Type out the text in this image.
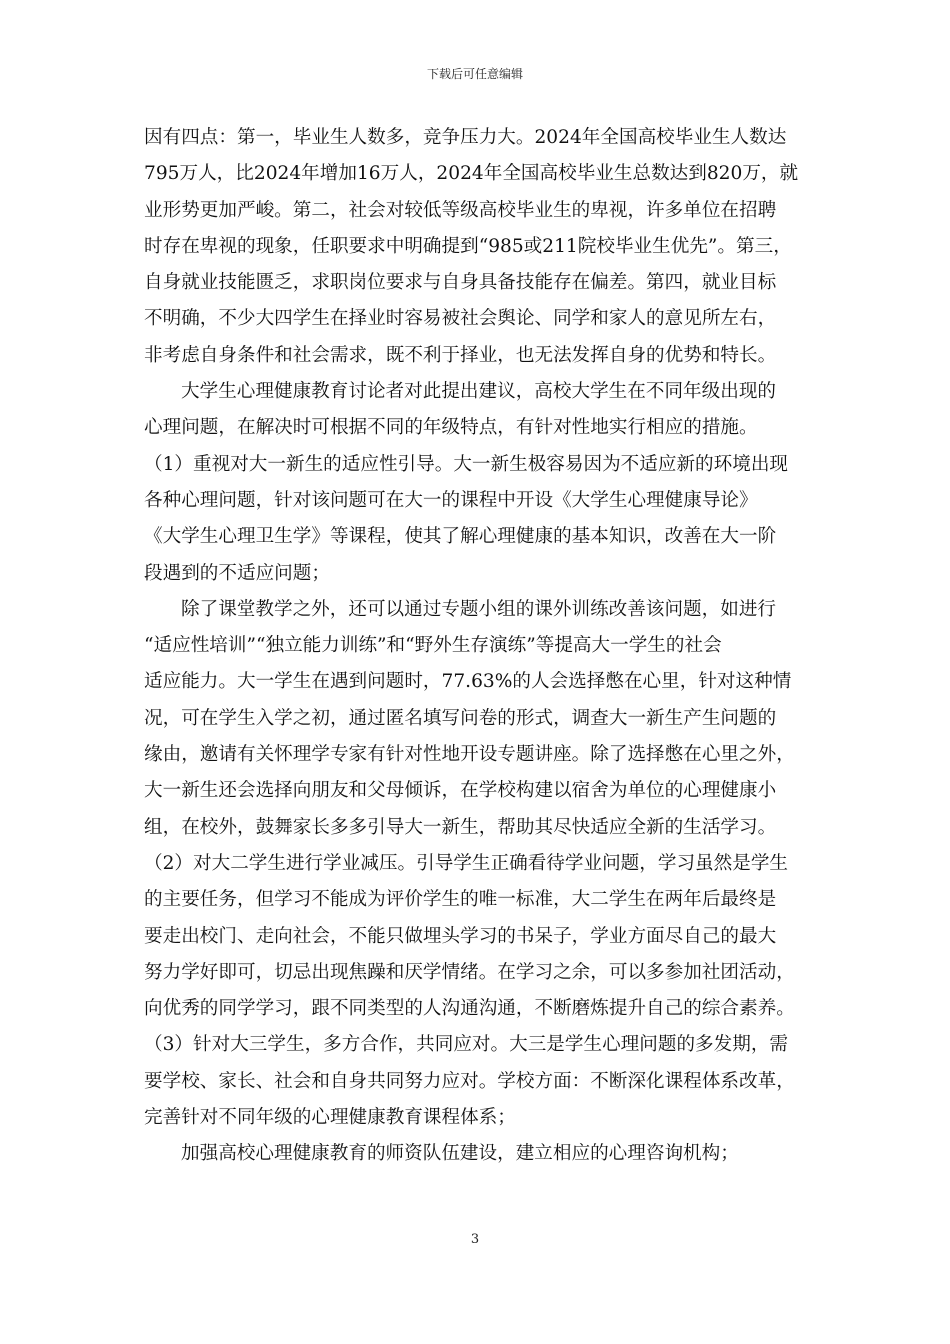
下载后可任意编辑
因有四点：第一，毕业生人数多，竞争压力大。2024年全国高校毕业生人数达
795万人，比2024年增加16万人，2024年全国高校毕业生总数达到820万，就
业形势更加严峻。第二，社会对较低等级高校毕业生的卑视，许多单位在招聘
时存在卑视的现象，任职要求中明确提到“985或211院校毕业生优先”。第三，
自身就业技能匮乏，求职岗位要求与自身具备技能存在偏差。第四，就业目标
不明确，不少大四学生在择业时容易被社会舆论、同学和家人的意见所左右，
非考虑自身条件和社会需求，既不利于择业，也无法发挥自身的优势和特长。
大学生心理健康教育讨论者对此提出建议，高校大学生在不同年级出现的
心理问题，在解决时可根据不同的年级特点，有针对性地实行相应的措施。
（1）重视对大一新生的适应性引导。大一新生极容易因为不适应新的环境出现
各种心理问题，针对该问题可在大一的课程中开设《大学生心理健康导论》
《大学生心理卫生学》等课程，使其了解心理健康的基本知识，改善在大一阶
段遇到的不适应问题；
除了课堂教学之外，还可以通过专题小组的课外训练改善该问题，如进行
“适应性培训”“独立能力训练”和“野外生存演练”等提高大一学生的社会
适应能力。大一学生在遇到问题时，77.63%的人会选择憋在心里，针对这种情
况，可在学生入学之初，通过匿名填写问卷的形式，调查大一新生产生问题的
缘由，邀请有关怀理学专家有针对性地开设专题讲座。除了选择憋在心里之外，
大一新生还会选择向朋友和父母倾诉，在学校构建以宿舍为单位的心理健康小
组，在校外，鼓舞家长多多引导大一新生，帮助其尽快适应全新的生活学习。
（2）对大二学生进行学业减压。引导学生正确看待学业问题，学习虽然是学生
的主要任务，但学习不能成为评价学生的唯一标准，大二学生在两年后最终是
要走出校门、走向社会，不能只做埋头学习的书呆子，学业方面尽自己的最大
努力学好即可，切忌出现焦躁和厌学情绪。在学习之余，可以多参加社团活动，
向优秀的同学学习，跟不同类型的人沟通沟通，不断磨炼提升自己的综合素养。
（3）针对大三学生，多方合作，共同应对。大三是学生心理问题的多发期，需
要学校、家长、社会和自身共同努力应对。学校方面：不断深化课程体系改革，
完善针对不同年级的心理健康教育课程体系；
加强高校心理健康教育的师资队伍建设，建立相应的心理咨询机构；
3
